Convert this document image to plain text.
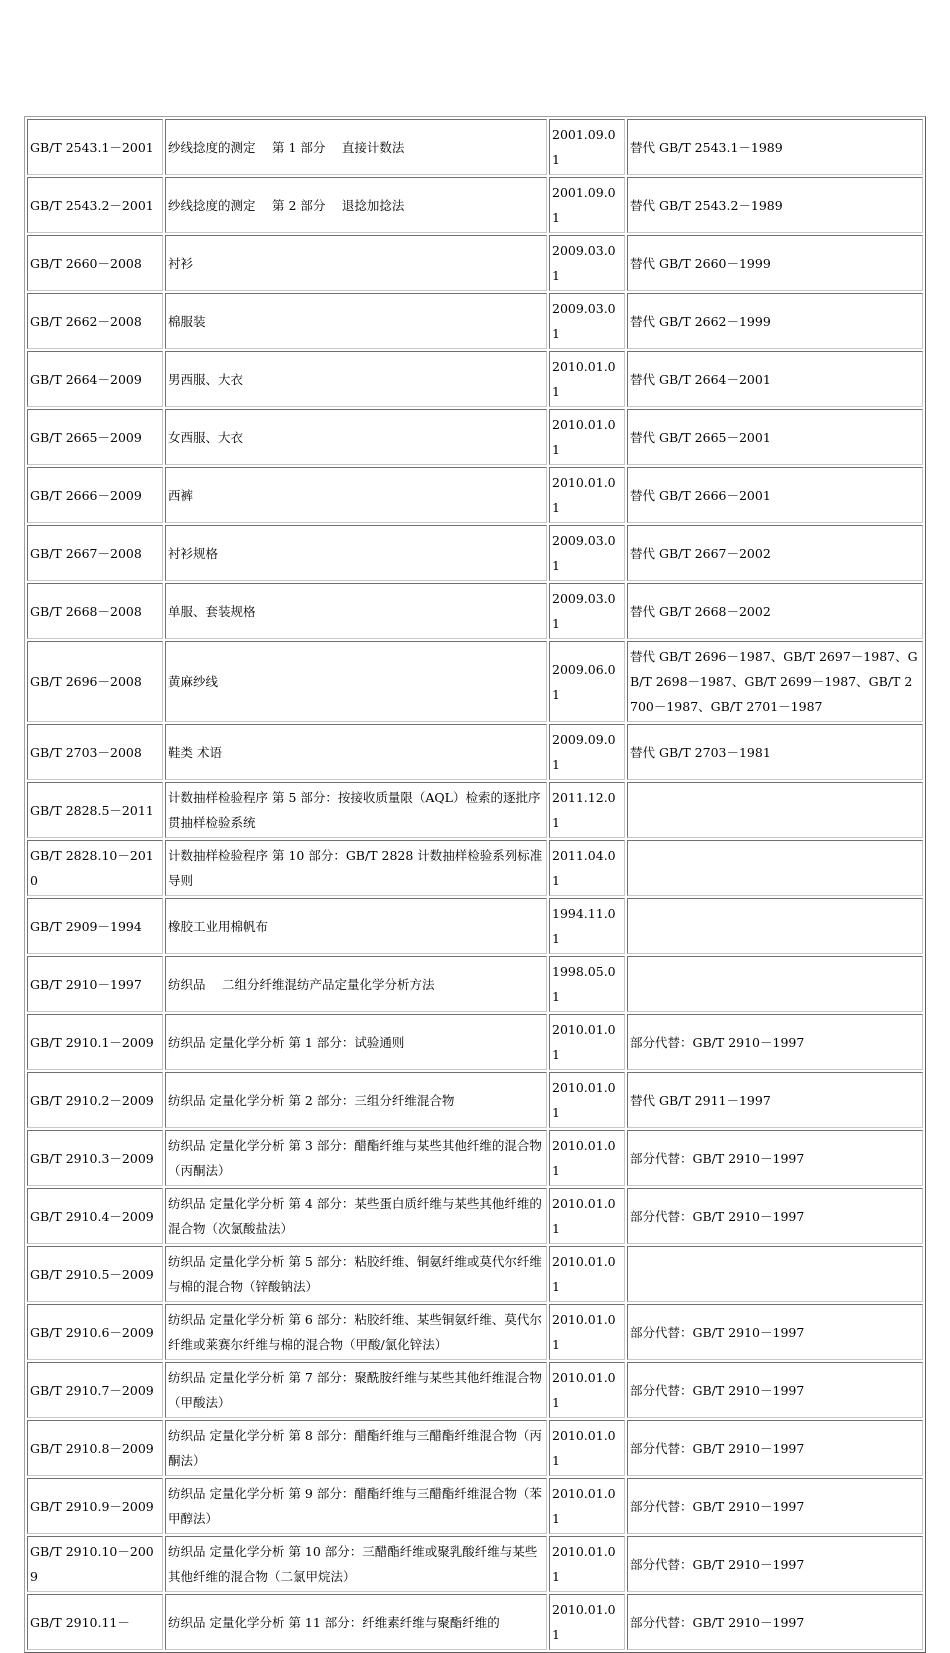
GB/T 2543.1－2001	纱线捻度的测定　 第 1 部分　 直接计数法	2001.09.01	替代 GB/T 2543.1－1989
GB/T 2543.2－2001	纱线捻度的测定　 第 2 部分　 退捻加捻法	2001.09.01	替代 GB/T 2543.2－1989
GB/T 2660－2008	衬衫	2009.03.01	替代 GB/T 2660－1999
GB/T 2662－2008	棉服装	2009.03.01	替代 GB/T 2662－1999
GB/T 2664－2009	男西服、大衣	2010.01.01	替代 GB/T 2664－2001
GB/T 2665－2009	女西服、大衣	2010.01.01	替代 GB/T 2665－2001
GB/T 2666－2009	西裤	2010.01.01	替代 GB/T 2666－2001
GB/T 2667－2008	衬衫规格	2009.03.01	替代 GB/T 2667－2002
GB/T 2668－2008	单服、套装规格	2009.03.01	替代 GB/T 2668－2002
GB/T 2696－2008	黄麻纱线	2009.06.01	替代 GB/T 2696－1987、GB/T 2697－1987、GB/T 2698－1987、GB/T 2699－1987、GB/T 2700－1987、GB/T 2701－1987
GB/T 2703－2008	鞋类 术语	2009.09.01	替代 GB/T 2703－1981
GB/T 2828.5－2011	计数抽样检验程序 第 5 部分：按接收质量限（AQL）检索的逐批序贯抽样检验系统	2011.12.01	
GB/T 2828.10－2010	计数抽样检验程序 第 10 部分：GB/T 2828 计数抽样检验系列标准导则	2011.04.01	
GB/T 2909－1994	橡胶工业用棉帆布	1994.11.01	
GB/T 2910－1997	纺织品　 二组分纤维混纺产品定量化学分析方法	1998.05.01	
GB/T 2910.1－2009	纺织品 定量化学分析 第 1 部分：试验通则	2010.01.01	部分代替：GB/T 2910－1997
GB/T 2910.2－2009	纺织品 定量化学分析 第 2 部分：三组分纤维混合物	2010.01.01	替代 GB/T 2911－1997
GB/T 2910.3－2009	纺织品 定量化学分析 第 3 部分：醋酯纤维与某些其他纤维的混合物（丙酮法）	2010.01.01	部分代替：GB/T 2910－1997
GB/T 2910.4－2009	纺织品 定量化学分析 第 4 部分：某些蛋白质纤维与某些其他纤维的混合物（次氯酸盐法）	2010.01.01	部分代替：GB/T 2910－1997
GB/T 2910.5－2009	纺织品 定量化学分析 第 5 部分：粘胶纤维、铜氨纤维或莫代尔纤维与棉的混合物（锌酸钠法）	2010.01.01	
GB/T 2910.6－2009	纺织品 定量化学分析 第 6 部分：粘胶纤维、某些铜氨纤维、莫代尔纤维或莱赛尔纤维与棉的混合物（甲酸/氯化锌法）	2010.01.01	部分代替：GB/T 2910－1997
GB/T 2910.7－2009	纺织品 定量化学分析 第 7 部分：聚酰胺纤维与某些其他纤维混合物（甲酸法）	2010.01.01	部分代替：GB/T 2910－1997
GB/T 2910.8－2009	纺织品 定量化学分析 第 8 部分：醋酯纤维与三醋酯纤维混合物（丙酮法）	2010.01.01	部分代替：GB/T 2910－1997
GB/T 2910.9－2009	纺织品 定量化学分析 第 9 部分：醋酯纤维与三醋酯纤维混合物（苯甲醇法）	2010.01.01	部分代替：GB/T 2910－1997
GB/T 2910.10－2009	纺织品 定量化学分析 第 10 部分：三醋酯纤维或聚乳酸纤维与某些其他纤维的混合物（二氯甲烷法）	2010.01.01	部分代替：GB/T 2910－1997
GB/T 2910.11－	纺织品 定量化学分析 第 11 部分：纤维素纤维与聚酯纤维的	2010.01.01	部分代替：GB/T 2910－1997
